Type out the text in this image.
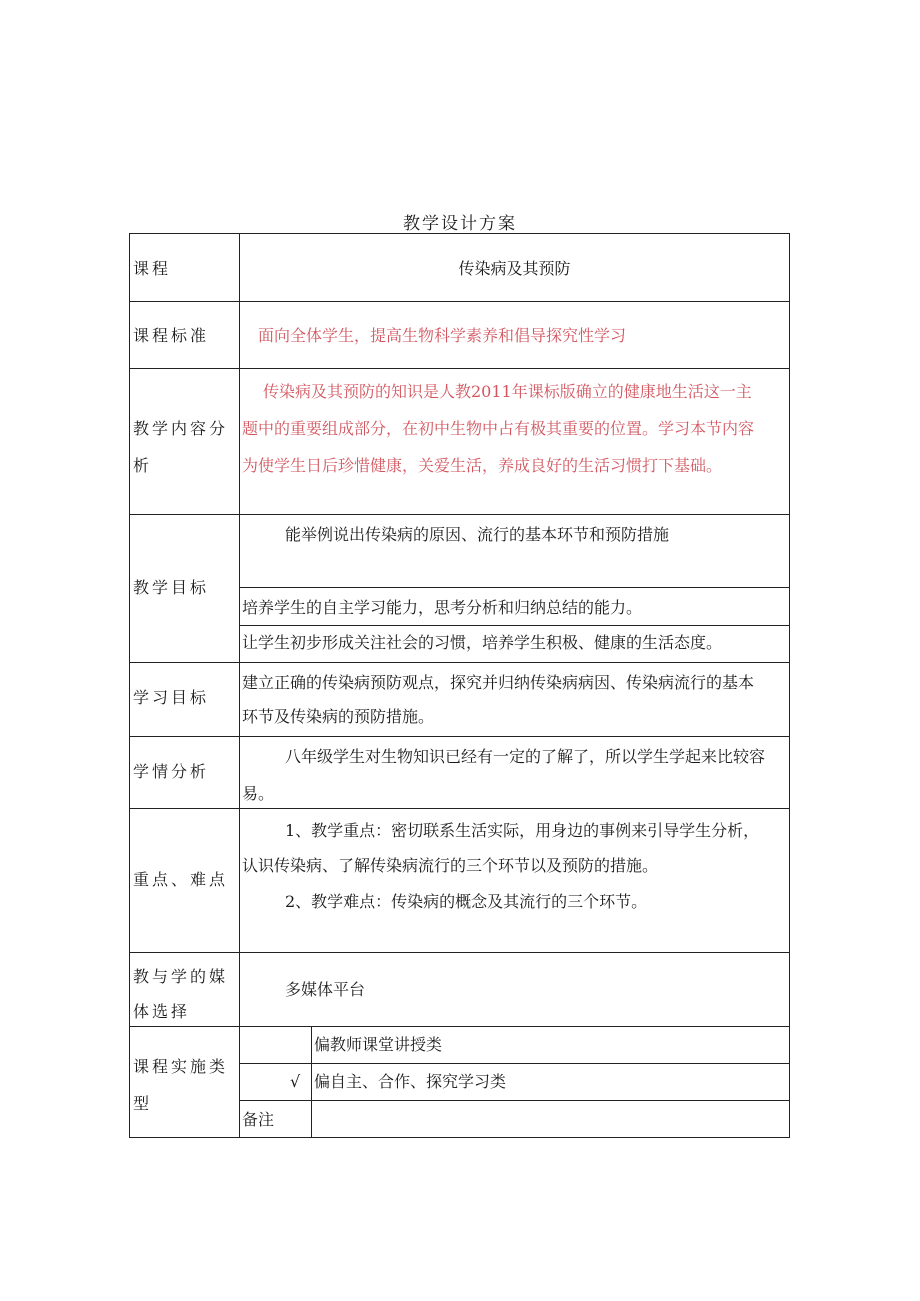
教学设计方案
课程	传染病及其预防
课程标准	面向全体学生，提高生物科学素养和倡导探究性学习
教学内容分
析
传染病及其预防的知识是人教2011年课标版确立的健康地生活这一主
题中的重要组成部分，在初中生物中占有极其重要的位置。学习本节内容
为使学生日后珍惜健康，关爱生活，养成良好的生活习惯打下基础。
教学目标
能举例说出传染病的原因、流行的基本环节和预防措施
培养学生的自主学习能力，思考分析和归纳总结的能力。
让学生初步形成关注社会的习惯，培养学生积极、健康的生活态度。
学习目标
建立正确的传染病预防观点，探究并归纳传染病病因、传染病流行的基本
环节及传染病的预防措施。
学情分析
八年级学生对生物知识已经有一定的了解了，所以学生学起来比较容
易。
重点、难点
1、教学重点：密切联系生活实际，用身边的事例来引导学生分析，
认识传染病、了解传染病流行的三个环节以及预防的措施。
2、教学难点：传染病的概念及其流行的三个环节。
教与学的媒
体选择
多媒体平台
课程实施类
型
偏教师课堂讲授类
√ 偏自主、合作、探究学习类
备注
